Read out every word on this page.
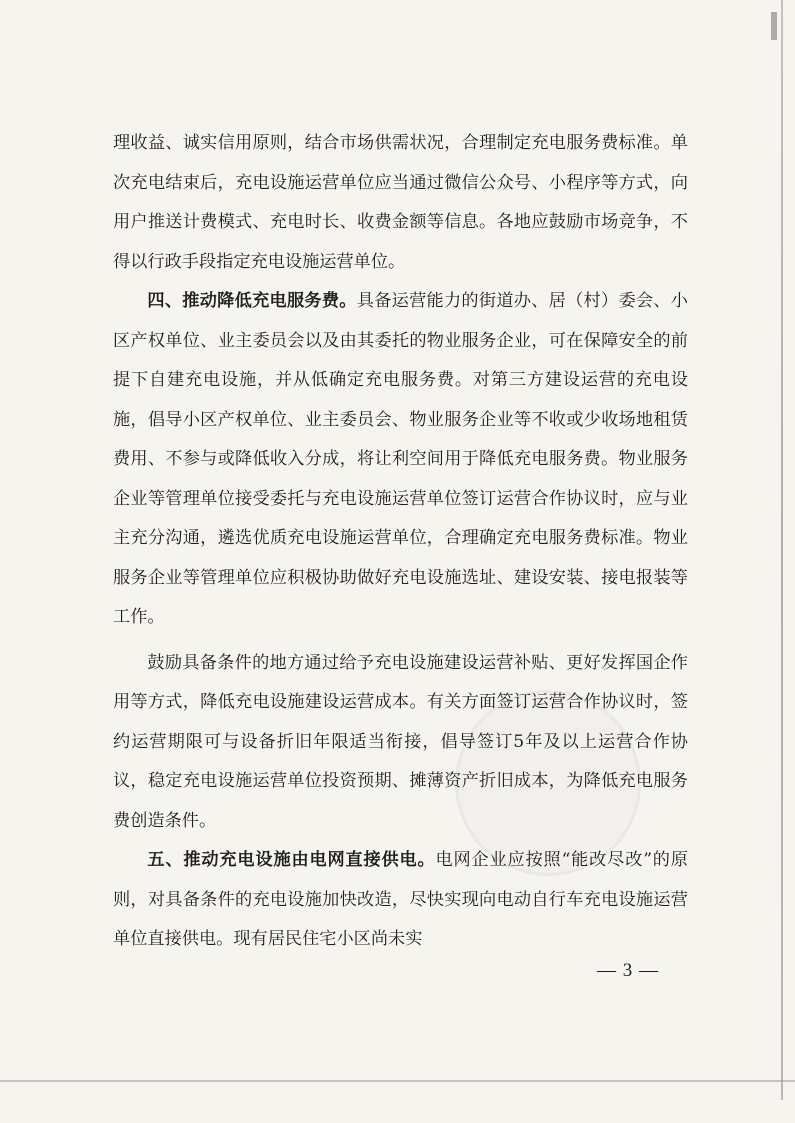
理收益、诚实信用原则，结合市场供需状况，合理制定充电服务费标准。单次充电结束后，充电设施运营单位应当通过微信公众号、小程序等方式，向用户推送计费模式、充电时长、收费金额等信息。各地应鼓励市场竞争，不得以行政手段指定充电设施运营单位。

四、推动降低充电服务费。具备运营能力的街道办、居（村）委会、小区产权单位、业主委员会以及由其委托的物业服务企业，可在保障安全的前提下自建充电设施，并从低确定充电服务费。对第三方建设运营的充电设施，倡导小区产权单位、业主委员会、物业服务企业等不收或少收场地租赁费用、不参与或降低收入分成，将让利空间用于降低充电服务费。物业服务企业等管理单位接受委托与充电设施运营单位签订运营合作协议时，应与业主充分沟通，遴选优质充电设施运营单位，合理确定充电服务费标准。物业服务企业等管理单位应积极协助做好充电设施选址、建设安装、接电报装等工作。

鼓励具备条件的地方通过给予充电设施建设运营补贴、更好发挥国企作用等方式，降低充电设施建设运营成本。有关方面签订运营合作协议时，签约运营期限可与设备折旧年限适当衔接，倡导签订5年及以上运营合作协议，稳定充电设施运营单位投资预期、摊薄资产折旧成本，为降低充电服务费创造条件。

五、推动充电设施由电网直接供电。电网企业应按照“能改尽改”的原则，对具备条件的充电设施加快改造，尽快实现向电动自行车充电设施运营单位直接供电。现有居民住宅小区尚未实

— 3 —
